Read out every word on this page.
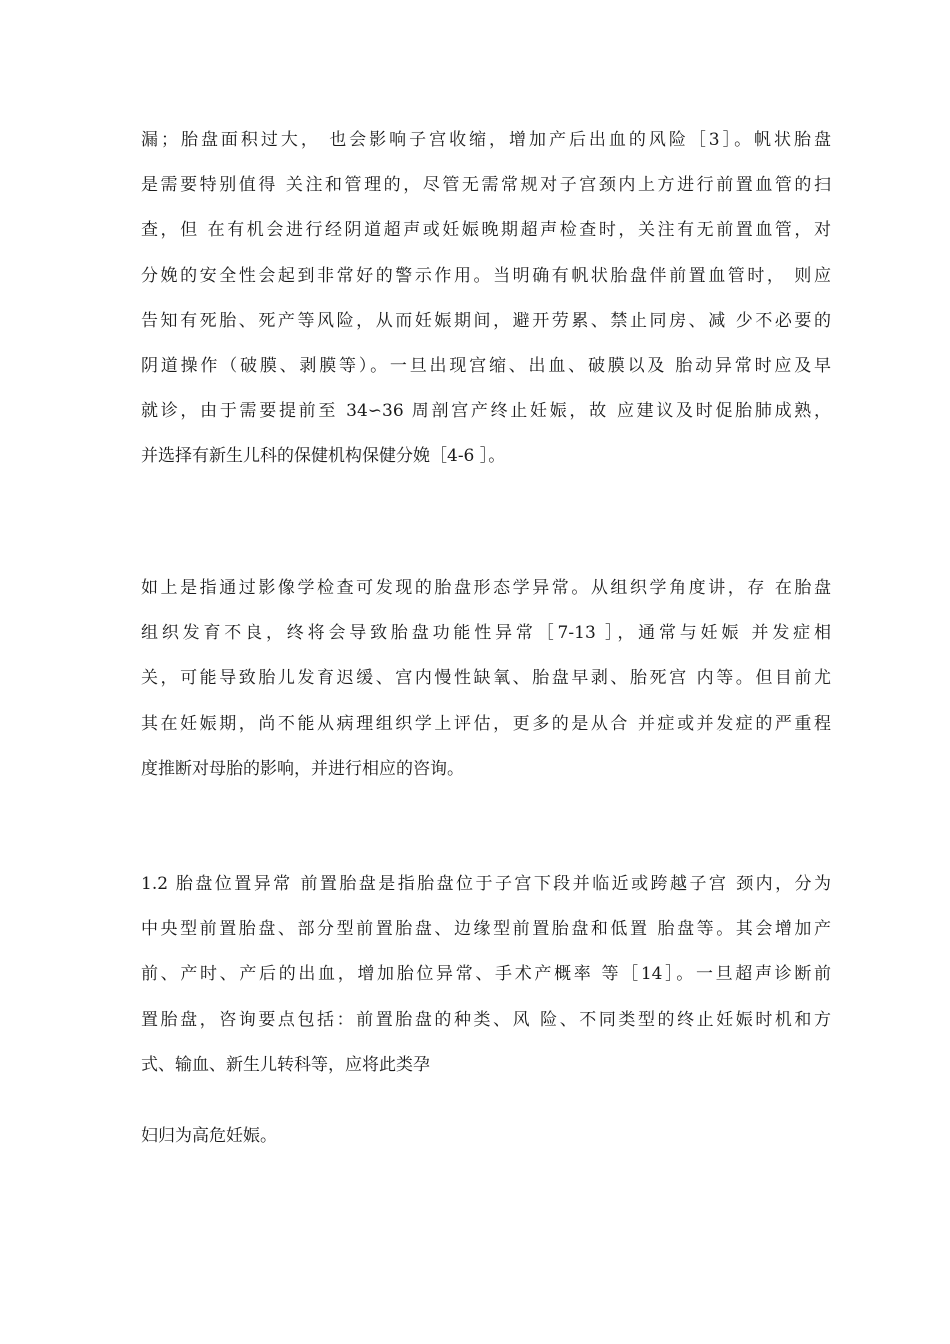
漏；胎盘面积过大， 也会影响子宫收缩，增加产后出血的风险［3］。帆状胎盘
是需要特别值得 关注和管理的，尽管无需常规对子宫颈内上方进行前置血管的扫
查，但 在有机会进行经阴道超声或妊娠晚期超声检查时，关注有无前置血管，对
分娩的安全性会起到非常好的警示作用。当明确有帆状胎盘伴前置血管时， 则应
告知有死胎、死产等风险，从而妊娠期间，避开劳累、禁止同房、减 少不必要的
阴道操作（破膜、剥膜等）。一旦出现宫缩、出血、破膜以及 胎动异常时应及早
就诊，由于需要提前至 34∽36 周剖宫产终止妊娠，故 应建议及时促胎肺成熟，
并选择有新生儿科的保健机构保健分娩［4-6 ］。

如上是指通过影像学检查可发现的胎盘形态学异常。从组织学角度讲，存 在胎盘
组织发育不良，终将会导致胎盘功能性异常［7-13 ］，通常与妊娠 并发症相
关，可能导致胎儿发育迟缓、宫内慢性缺氧、胎盘早剥、胎死宫 内等。但目前尤
其在妊娠期，尚不能从病理组织学上评估，更多的是从合 并症或并发症的严重程
度推断对母胎的影响，并进行相应的咨询。

1.2 胎盘位置异常 前置胎盘是指胎盘位于子宫下段并临近或跨越子宫 颈内，分为
中央型前置胎盘、部分型前置胎盘、边缘型前置胎盘和低置 胎盘等。其会增加产
前、产时、产后的出血，增加胎位异常、手术产概率 等［14］。一旦超声诊断前
置胎盘，咨询要点包括：前置胎盘的种类、风 险、不同类型的终止妊娠时机和方
式、输血、新生儿转科等，应将此类孕

妇归为高危妊娠。
